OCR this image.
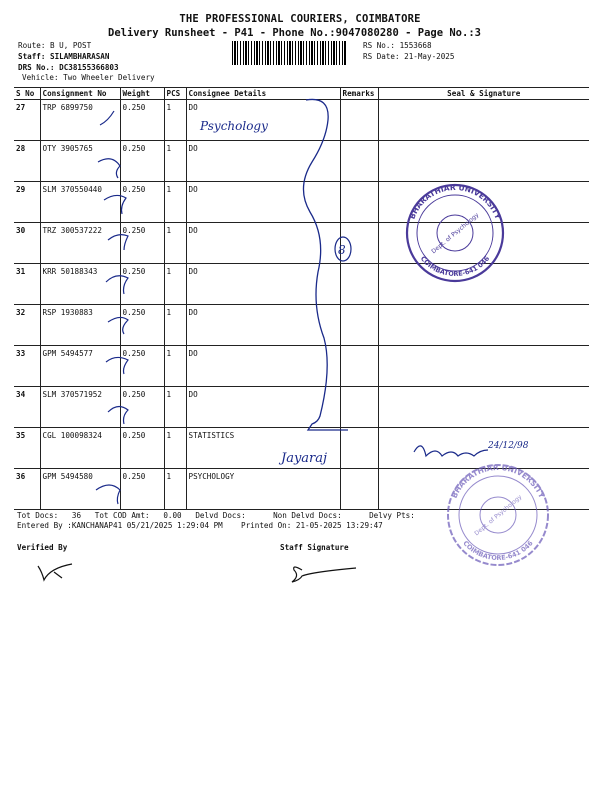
THE PROFESSIONAL COURIERS, COIMBATORE
Delivery Runsheet - P41 - Phone No.:9047080280 - Page No.:3
Route: B U, POST
Staff: SILAMBHARASAN
DRS No.: DC38155366803
Vehicle: Two Wheeler Delivery
RS No.: 1553668
RS Date: 21-May-2025
S No	Consignment No	Weight	PCS	Consignee Details	Remarks	Seal & Signature
27	TRP 6899750	0.250	1	DO		
28	OTY 3905765	0.250	1	DO		
29	SLM 370550440	0.250	1	DO		
30	TRZ 300537222	0.250	1	DO		
31	KRR 50188343	0.250	1	DO		
32	RSP 1930883	0.250	1	DO		
33	GPM 5494577	0.250	1	DO		
34	SLM 370571952	0.250	1	DO		
35	CGL 100098324	0.250	1	STATISTICS		
36	GPM 5494580	0.250	1	PSYCHOLOGY		
Tot Docs: 36 Tot COD Amt: 0.00 Delvd Docs:	Non Delvd Docs:	Delvy Pts:
Entered By :KANCHANAP41 05/21/2025 1:29:04 PM Printed On: 21-05-2025 13:29:47
Verified By	Staff Signature
8
Psychology
Jayaraj
24/12/98
BHARATHIAR UNIVERSITY
COIMBATORE-641 046
Dept. of Psychology
BHARATHIAR UNIVERSITY
COIMBATORE-641 046
Dept. of Psychology
